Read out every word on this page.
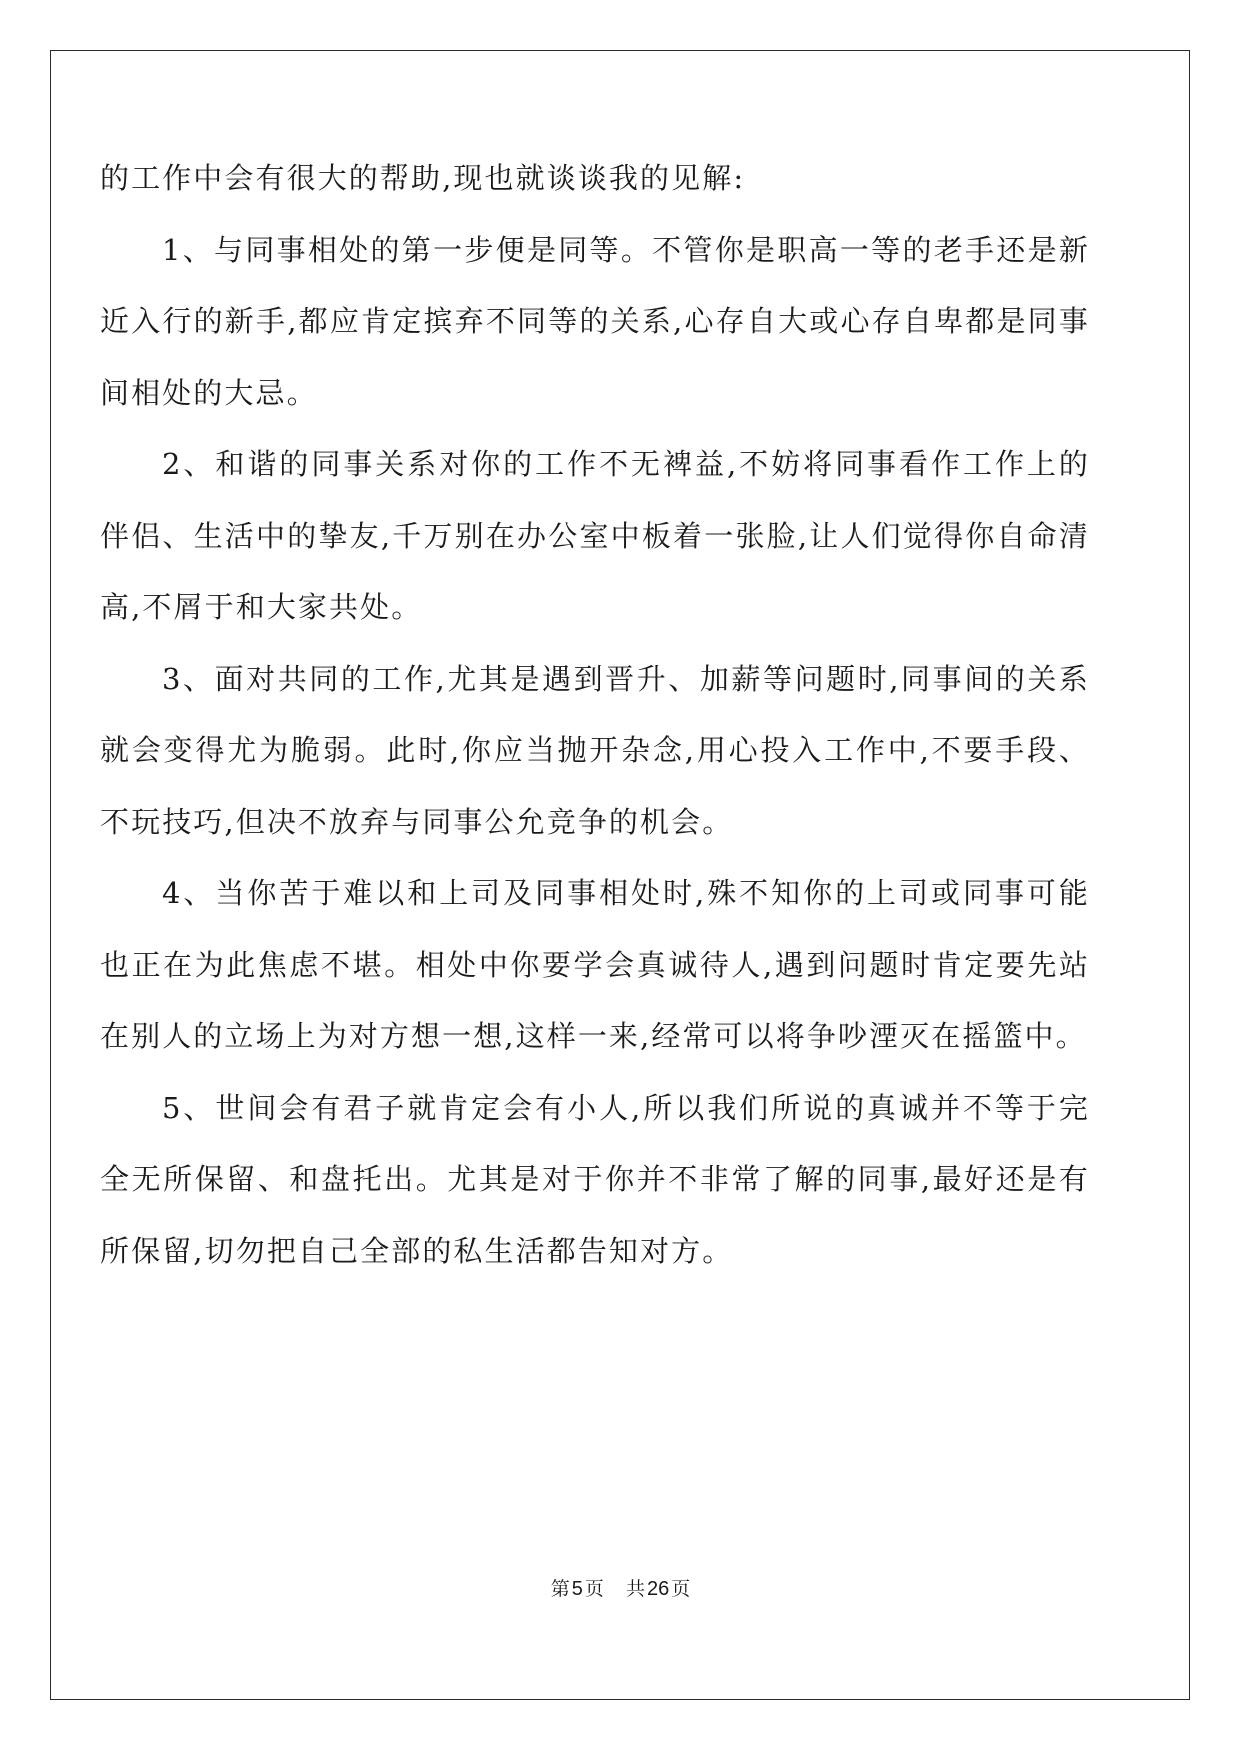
的工作中会有很大的帮助,现也就谈谈我的见解:

1、与同事相处的第一步便是同等。不管你是职高一等的老手还是新近入行的新手,都应肯定摈弃不同等的关系,心存自大或心存自卑都是同事间相处的大忌。

2、和谐的同事关系对你的工作不无裨益,不妨将同事看作工作上的伴侣、生活中的挚友,千万别在办公室中板着一张脸,让人们觉得你自命清高,不屑于和大家共处。

3、面对共同的工作,尤其是遇到晋升、加薪等问题时,同事间的关系就会变得尤为脆弱。此时,你应当抛开杂念,用心投入工作中,不要手段、不玩技巧,但决不放弃与同事公允竞争的机会。

4、当你苦于难以和上司及同事相处时,殊不知你的上司或同事可能也正在为此焦虑不堪。相处中你要学会真诚待人,遇到问题时肯定要先站在别人的立场上为对方想一想,这样一来,经常可以将争吵湮灭在摇篮中。

5、世间会有君子就肯定会有小人,所以我们所说的真诚并不等于完全无所保留、和盘托出。尤其是对于你并不非常了解的同事,最好还是有所保留,切勿把自己全部的私生活都告知对方。

第 5 页 共 26 页
